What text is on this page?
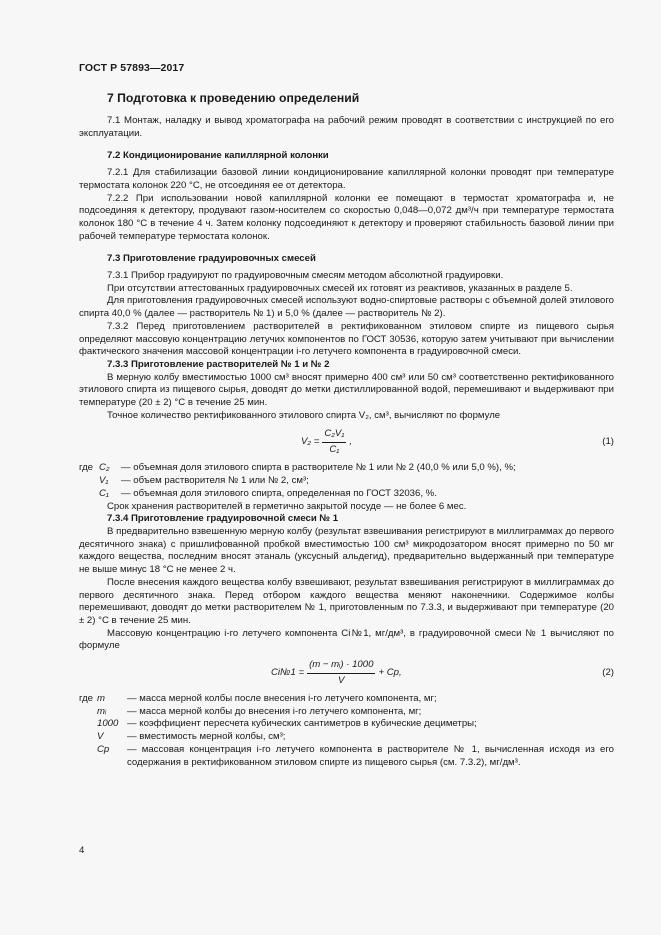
ГОСТ Р 57893—2017
7 Подготовка к проведению определений

7.1 Монтаж, наладку и вывод хроматографа на рабочий режим проводят в соответствии с инструкцией по его эксплуатации.

7.2 Кондиционирование капиллярной колонки

7.2.1 Для стабилизации базовой линии кондиционирование капиллярной колонки проводят при температуре термостата колонок 220 °С, не отсоединяя ее от детектора.

7.2.2 При использовании новой капиллярной колонки ее помещают в термостат хроматографа и, не подсоединяя к детектору, продувают газом-носителем со скоростью 0,048—0,072 дм³/ч при температуре термостата колонок 180 °С в течение 4 ч. Затем колонку подсоединяют к детектору и проверяют стабильность базовой линии при рабочей температуре термостата колонок.

7.3 Приготовление градуировочных смесей

7.3.1 Прибор градуируют по градуировочным смесям методом абсолютной градуировки.

При отсутствии аттестованных градуировочных смесей их готовят из реактивов, указанных в разделе 5.

Для приготовления градуировочных смесей используют водно-спиртовые растворы с объемной долей этилового спирта 40,0 % (далее — растворитель № 1) и 5,0 % (далее — растворитель № 2).

7.3.2 Перед приготовлением растворителей в ректификованном этиловом спирте из пищевого сырья определяют массовую концентрацию летучих компонентов по ГОСТ 30536, которую затем учитывают при вычислении фактического значения массовой концентрации i-го летучего компонента в градуировочной смеси.

7.3.3 Приготовление растворителей № 1 и № 2

В мерную колбу вместимостью 1000 см³ вносят примерно 400 см³ или 50 см³ соответственно ректификованного этилового спирта из пищевого сырья, доводят до метки дистиллированной водой, перемешивают и выдерживают при температуре (20 ± 2) °С в течение 25 мин.

Точное количество ректификованного этилового спирта V₂, см³, вычисляют по формуле

$V_2 = \frac{\text{C₂V₁}}{\text{C₁}}$ ,	(1)
где C₂	— объемная доля этилового спирта в растворителе № 1 или № 2 (40,0 % или 5,0 %), %;
V₁	— объем растворителя № 1 или № 2, см³;
C₁	— объемная доля этилового спирта, определенная по ГОСТ 32036, %.

Срок хранения растворителей в герметично закрытой посуде — не более 6 мес.

7.3.4 Приготовление градуировочной смеси № 1

В предварительно взвешенную мерную колбу (результат взвешивания регистрируют в миллиграммах до первого десятичного знака) с пришлифованной пробкой вместимостью 100 см³ микродозатором вносят примерно по 50 мг каждого вещества, последним вносят этаналь (уксусный альдегид), предварительно выдержанный при температуре не выше минус 18 °С не менее 2 ч.

После внесения каждого вещества колбу взвешивают, результат взвешивания регистрируют в миллиграммах до первого десятичного знака. Перед отбором каждого вещества меняют наконечники. Содержимое колбы перемешивают, доводят до метки растворителем № 1, приготовленным по 7.3.3, и выдерживают при температуре (20 ± 2) °С в течение 25 мин.

Массовую концентрацию i-го летучего компонента Ci№1, мг/дм³, в градуировочной смеси № 1 вычисляют по формуле

Ci№1 = $\frac{\text{(m − mᵢ) · 1000}}{V}$ + Cр,	(2)
где m	— масса мерной колбы после внесения i-го летучего компонента, мг;
mᵢ	— масса мерной колбы до внесения i-го летучего компонента, мг;
1000 — коэффициент пересчета кубических сантиметров в кубические дециметры;
V	— вместимость мерной колбы, см³;
Cр	— массовая концентрация i-го летучего компонента в растворителе № 1, вычисленная исходя из его содержания в ректификованном этиловом спирте из пищевого сырья (см. 7.3.2), мг/дм³.
4
